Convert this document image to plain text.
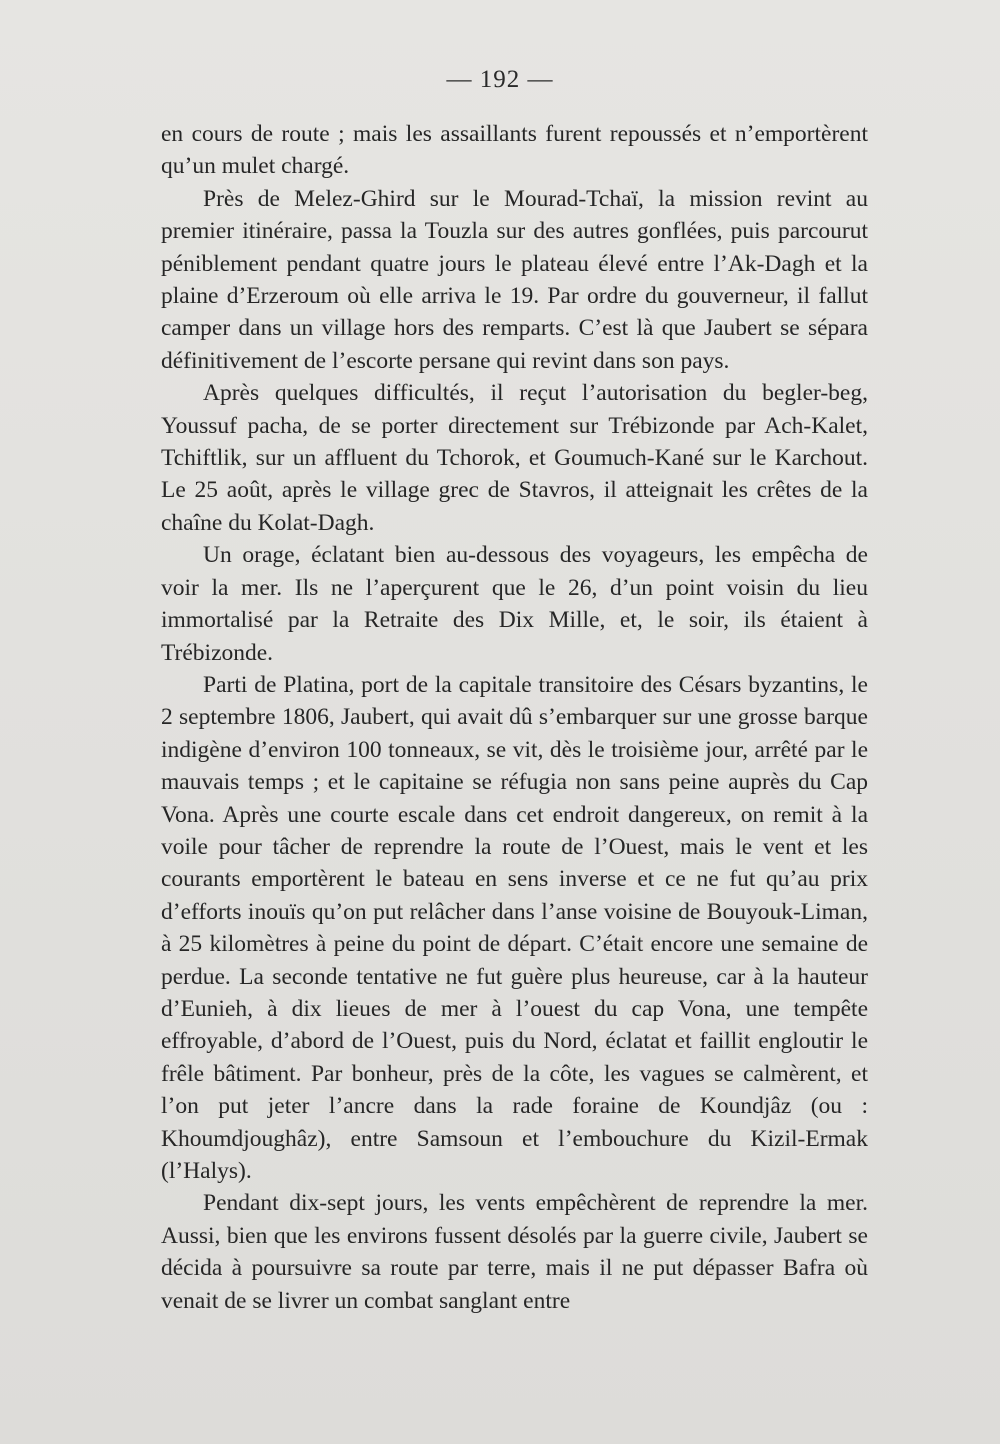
— 192 —

en cours de route ; mais les assaillants furent repoussés et n’emportèrent qu’un mulet chargé.

Près de Melez-Ghird sur le Mourad-Tchaï, la mission revint au premier itinéraire, passa la Touzla sur des autres gonflées, puis parcourut péniblement pendant quatre jours le plateau élevé entre l’Ak-Dagh et la plaine d’Erzeroum où elle arriva le 19. Par ordre du gouverneur, il fallut camper dans un village hors des remparts. C’est là que Jaubert se sépara définitivement de l’escorte persane qui revint dans son pays.

Après quelques difficultés, il reçut l’autorisation du begler-beg, Youssuf pacha, de se porter directement sur Trébizonde par Ach-Kalet, Tchiftlik, sur un affluent du Tchorok, et Goumuch-Kané sur le Karchout. Le 25 août, après le village grec de Stavros, il atteignait les crêtes de la chaîne du Kolat-Dagh.

Un orage, éclatant bien au-dessous des voyageurs, les empêcha de voir la mer. Ils ne l’aperçurent que le 26, d’un point voisin du lieu immortalisé par la Retraite des Dix Mille, et, le soir, ils étaient à Trébizonde.

Parti de Platina, port de la capitale transitoire des Césars byzantins, le 2 septembre 1806, Jaubert, qui avait dû s’embarquer sur une grosse barque indigène d’environ 100 tonneaux, se vit, dès le troisième jour, arrêté par le mauvais temps ; et le capitaine se réfugia non sans peine auprès du Cap Vona. Après une courte escale dans cet endroit dangereux, on remit à la voile pour tâcher de reprendre la route de l’Ouest, mais le vent et les courants emportèrent le bateau en sens inverse et ce ne fut qu’au prix d’efforts inouïs qu’on put relâcher dans l’anse voisine de Bouyouk-Liman, à 25 kilomètres à peine du point de départ. C’était encore une semaine de perdue. La seconde tentative ne fut guère plus heureuse, car à la hauteur d’Eunieh, à dix lieues de mer à l’ouest du cap Vona, une tempête effroyable, d’abord de l’Ouest, puis du Nord, éclatat et faillit engloutir le frêle bâtiment. Par bonheur, près de la côte, les vagues se calmèrent, et l’on put jeter l’ancre dans la rade foraine de Koundjâz (ou : Khoumdjoughâz), entre Samsoun et l’embouchure du Kizil-Ermak (l’Halys).

Pendant dix-sept jours, les vents empêchèrent de reprendre la mer. Aussi, bien que les environs fussent désolés par la guerre civile, Jaubert se décida à poursuivre sa route par terre, mais il ne put dépasser Bafra où venait de se livrer un combat sanglant entre
